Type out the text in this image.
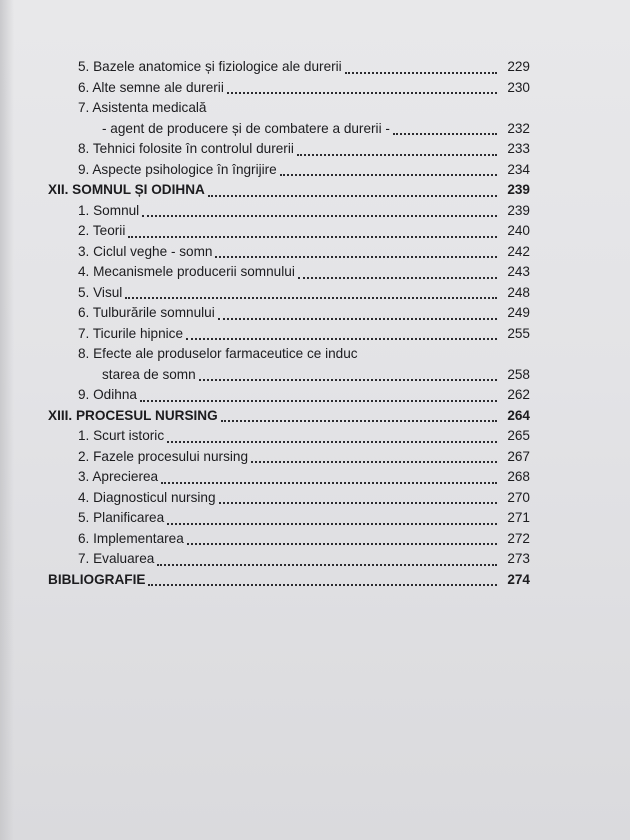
5. Bazele anatomice și fiziologice ale durerii	229
6. Alte semne ale durerii	230
7. Asistenta medicală
- agent de producere și de combatere a durerii -	232
8. Tehnici folosite în controlul durerii	233
9. Aspecte psihologice în îngrijire	234
XII. SOMNUL ȘI ODIHNA	239
1. Somnul	239
2. Teorii	240
3. Ciclul veghe - somn	242
4. Mecanismele producerii somnului	243
5. Visul	248
6. Tulburările somnului	249
7. Ticurile hipnice	255
8. Efecte ale produselor farmaceutice ce induc
starea de somn	258
9. Odihna	262
XIII. PROCESUL NURSING	264
1. Scurt istoric	265
2. Fazele procesului nursing	267
3. Aprecierea	268
4. Diagnosticul nursing	270
5. Planificarea	271
6. Implementarea	272
7. Evaluarea	273
BIBLIOGRAFIE	274
